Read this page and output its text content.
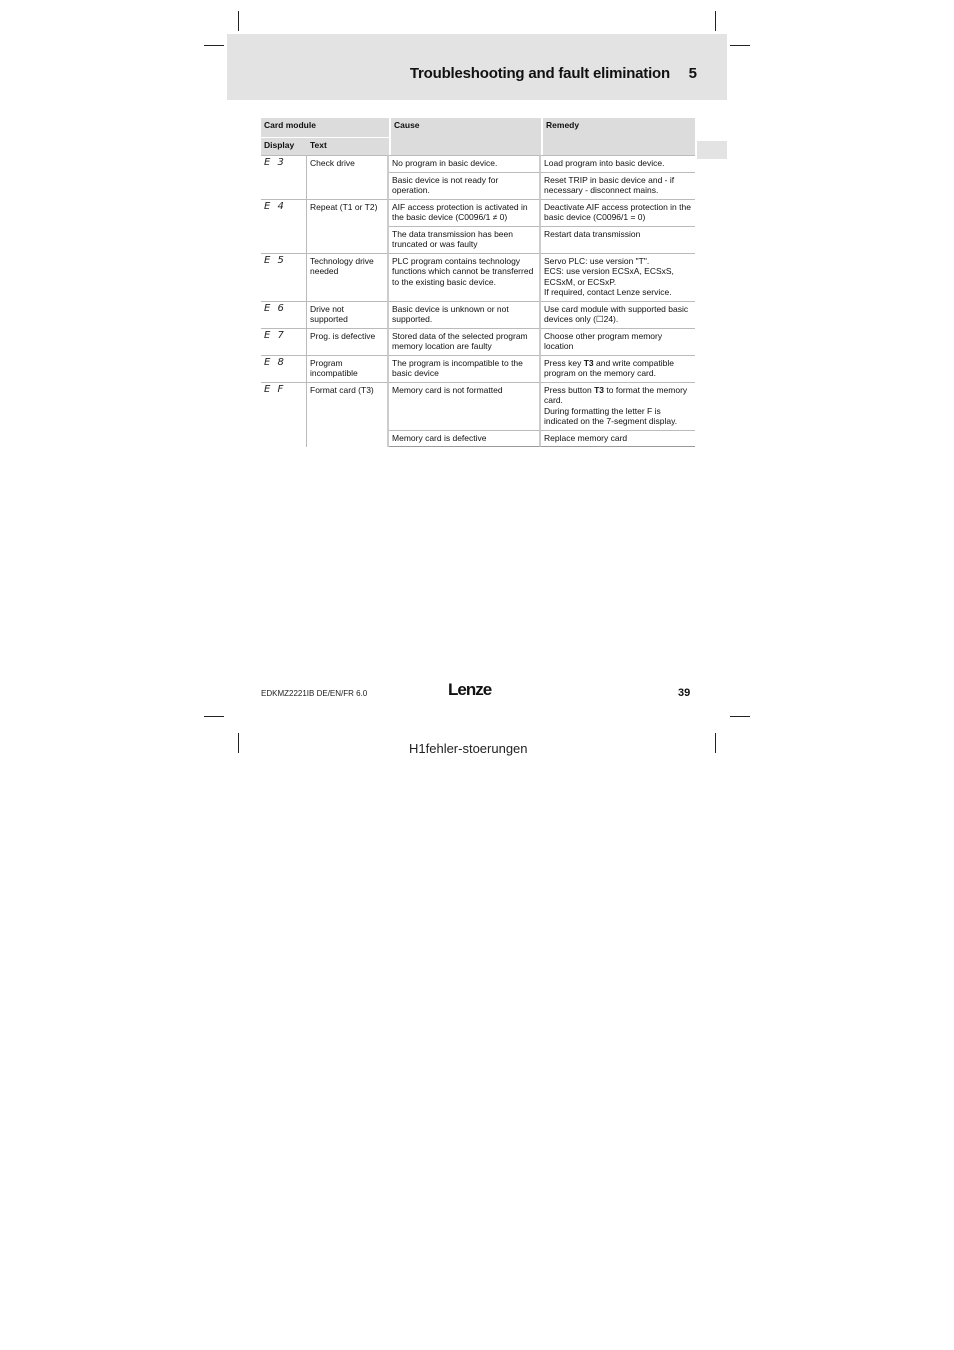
Troubleshooting and fault elimination 5
Card module		Cause	Remedy
Display	Text		
E 3	Check drive	No program in basic device.	Load program into basic device.

		Basic device is not ready for operation.	Reset TRIP in basic device and - if necessary - disconnect mains.

E 4	Repeat (T1 or T2)	AIF access protection is activated in the basic device (C0096/1 ≠ 0)	Deactivate AIF access protection in the basic device (C0096/1 = 0)

		The data transmission has been truncated or was faulty	Restart data transmission

E 5	Technology drive needed	PLC program contains technology functions which cannot be transferred to the existing basic device.	Servo PLC: use version "T".
ECS: use version ECSxA, ECSxS, ECSxM, or ECSxP.
If required, contact Lenze service.

E 6	Drive not supported	Basic device is unknown or not supported.	Use card module with supported basic devices only (☐24).

E 7	Prog. is defective	Stored data of the selected program memory location are faulty	Choose other program memory location

E 8	Program incompatible	The program is incompatible to the basic device	Press key T3 and write compatible program on the memory card.

E F	Format card (T3)	Memory card is not formatted	Press button T3 to format the memory card.
During formatting the letter F is indicated on the 7-segment display.

		Memory card is defective	Replace memory card
EDKMZ2221IB DE/EN/FR 6.0	Lenze	39
H1fehler-stoerungen
